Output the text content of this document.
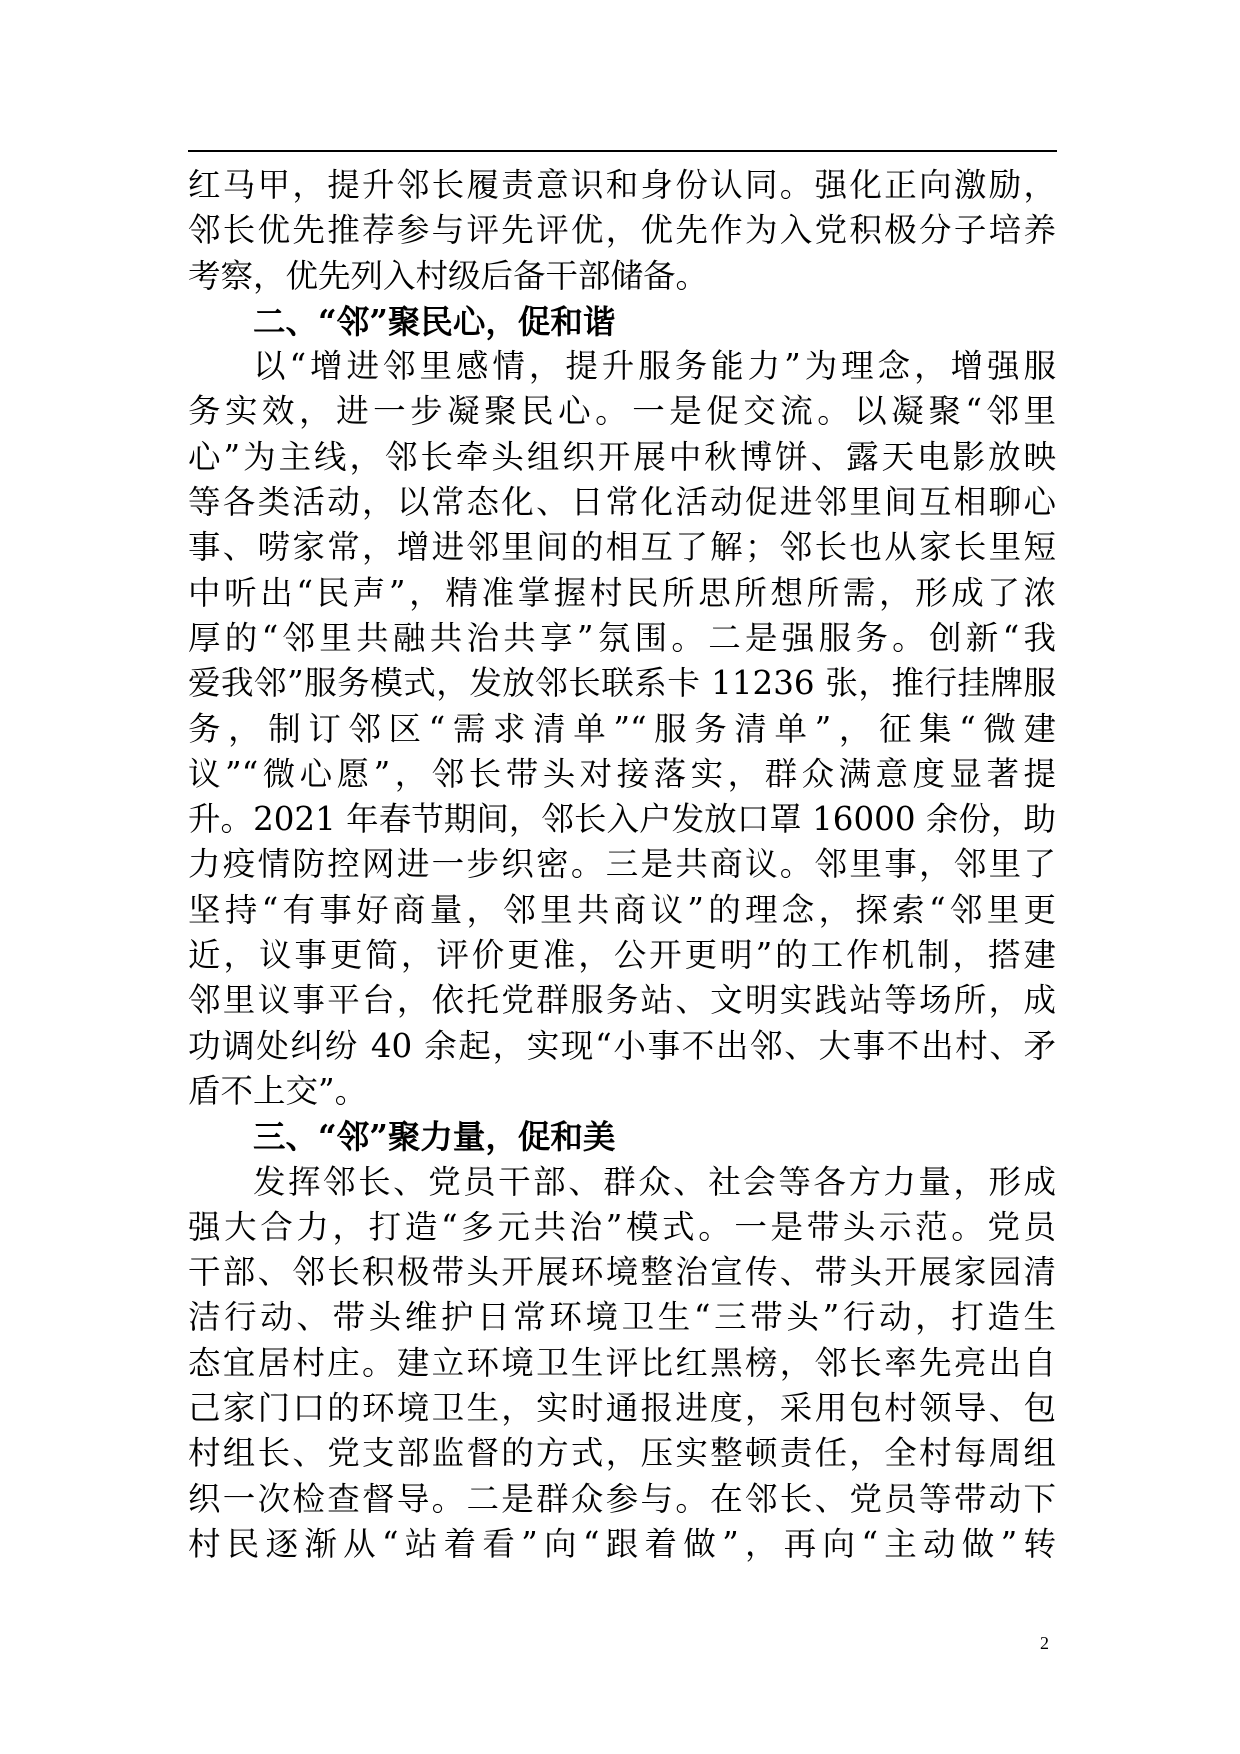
红马甲，提升邻长履责意识和身份认同。强化正向激励，
邻长优先推荐参与评先评优，优先作为入党积极分子培养
考察，优先列入村级后备干部储备。
二、“邻”聚民心，促和谐
以“增进邻里感情，提升服务能力”为理念，增强服
务实效，进一步凝聚民心。一是促交流。以凝聚“邻里
心”为主线，邻长牵头组织开展中秋博饼、露天电影放映
等各类活动，以常态化、日常化活动促进邻里间互相聊心
事、唠家常，增进邻里间的相互了解；邻长也从家长里短
中听出“民声”，精准掌握村民所思所想所需，形成了浓
厚的“邻里共融共治共享”氛围。二是强服务。创新“我
爱我邻”服务模式，发放邻长联系卡 11236 张，推行挂牌服
务，制订邻区“需求清单”“服务清单”，征集“微建
议”“微心愿”，邻长带头对接落实，群众满意度显著提
升。2021 年春节期间，邻长入户发放口罩 16000 余份，助
力疫情防控网进一步织密。三是共商议。邻里事，邻里了
坚持“有事好商量，邻里共商议”的理念，探索“邻里更
近，议事更简，评价更准，公开更明”的工作机制，搭建
邻里议事平台，依托党群服务站、文明实践站等场所，成
功调处纠纷 40 余起，实现“小事不出邻、大事不出村、矛
盾不上交”。
三、“邻”聚力量，促和美
发挥邻长、党员干部、群众、社会等各方力量，形成
强大合力，打造“多元共治”模式。一是带头示范。党员
干部、邻长积极带头开展环境整治宣传、带头开展家园清
洁行动、带头维护日常环境卫生“三带头”行动，打造生
态宜居村庄。建立环境卫生评比红黑榜，邻长率先亮出自
己家门口的环境卫生，实时通报进度，采用包村领导、包
村组长、党支部监督的方式，压实整顿责任，全村每周组
织一次检查督导。二是群众参与。在邻长、党员等带动下
村民逐渐从“站着看”向“跟着做”，再向“主动做”转
2
